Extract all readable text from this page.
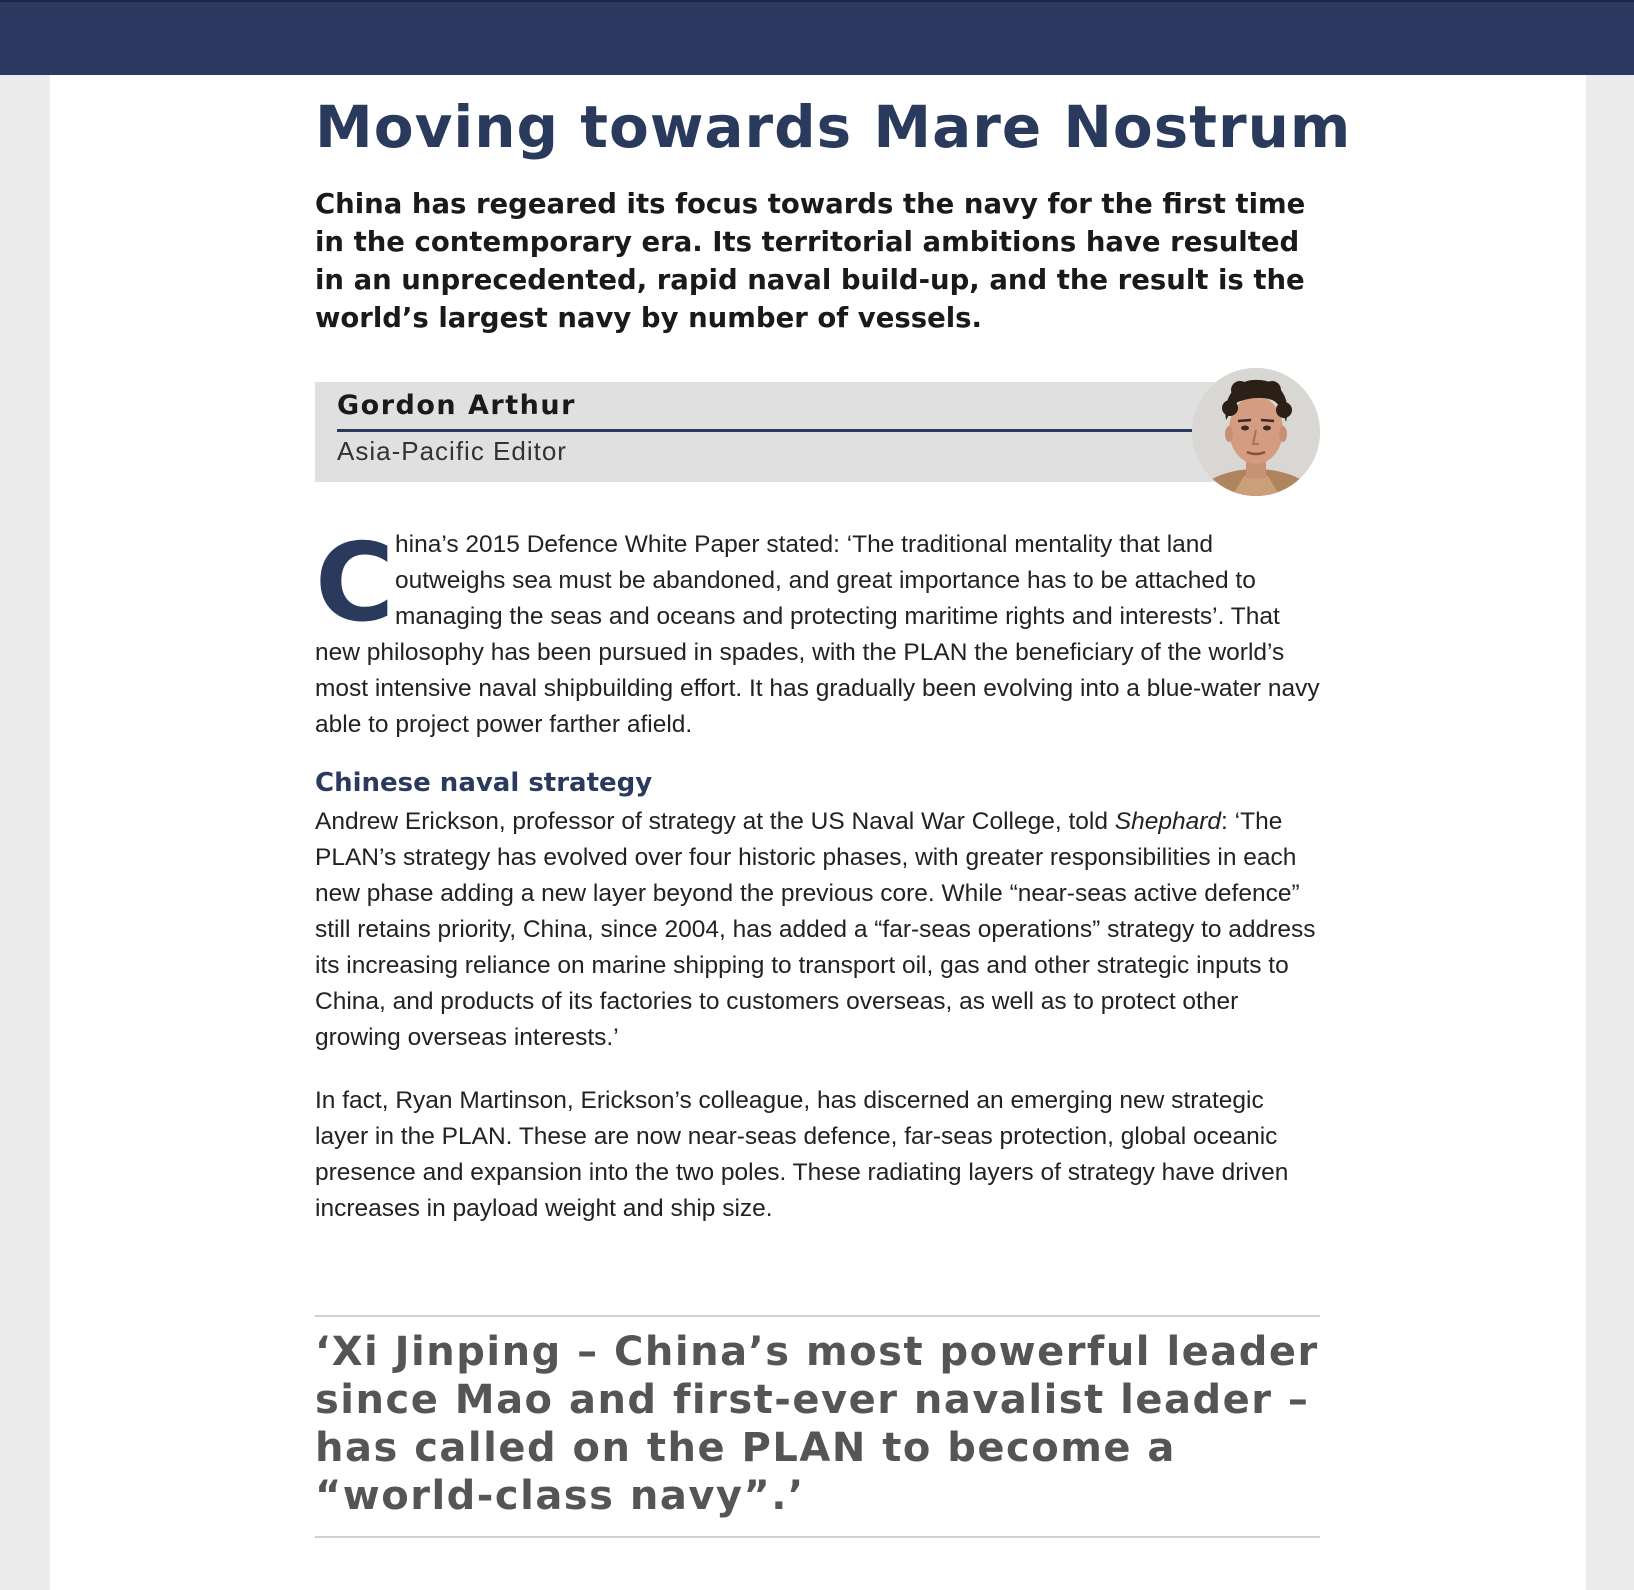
Moving towards Mare Nostrum

China has regeared its focus towards the navy for the first time in the contemporary era. Its territorial ambitions have resulted in an unprecedented, rapid naval build-up, and the result is the world’s largest navy by number of vessels.

Gordon Arthur
Asia-Pacific Editor
China’s 2015 Defence White Paper stated: ‘The traditional mentality that land outweighs sea must be abandoned, and great importance has to be attached to managing the seas and oceans and protecting maritime rights and interests’. That new philosophy has been pursued in spades, with the PLAN the beneficiary of the world’s most intensive naval shipbuilding effort. It has gradually been evolving into a blue-water navy able to project power farther afield.
Chinese naval strategy

Andrew Erickson, professor of strategy at the US Naval War College, told Shephard: ‘The PLAN’s strategy has evolved over four historic phases, with greater responsibilities in each new phase adding a new layer beyond the previous core. While “near-seas active defence” still retains priority, China, since 2004, has added a “far-seas operations” strategy to address its increasing reliance on marine shipping to transport oil, gas and other strategic inputs to China, and products of its factories to customers overseas, as well as to protect other growing overseas interests.’

In fact, Ryan Martinson, Erickson’s colleague, has discerned an emerging new strategic layer in the PLAN. These are now near-seas defence, far-seas protection, global oceanic presence and expansion into the two poles. These radiating layers of strategy have driven increases in payload weight and ship size.

‘Xi Jinping – China’s most powerful leader since Mao and first-ever navalist leader – has called on the PLAN to become a “world-class navy”.’
